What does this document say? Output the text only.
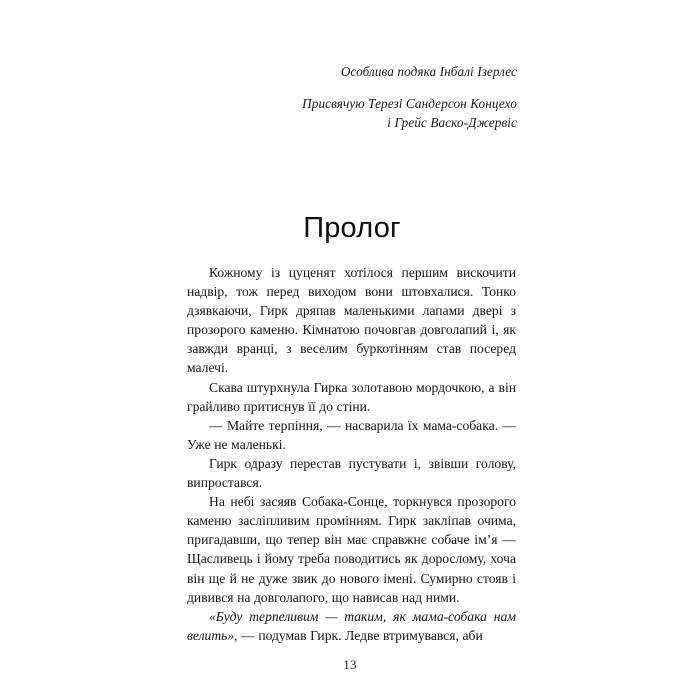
Особлива подяка Інбалі Ізерлес
Присвячую Терезі Сандерсон Концехо
і Грейс Васко-Джервіс
Пролог

Кожному із цуценят хотілося першим вискочити надвір, тож перед виходом вони штовхалися. Тонко дзявкаючи, Гирк дряпав маленькими лапами двері з прозорого каменю. Кімнатою почовгав довголапий і, як завжди вранці, з веселим буркотінням став посеред малечі.

Скава штурхнула Гирка золотавою мордочкою, а він грайливо притиснув її до стіни.

— Майте терпіння, — насварила їх мама-собака. — Уже не маленькі.

Гирк одразу перестав пустувати і, звівши голову, випростався.

На небі засяяв Собака-Сонце, торкнувся прозорого каменю засліпливим промінням. Гирк закліпав очима, пригадавши, що тепер він має справжнє собаче ім’я — Щасливець і йому треба поводитись як дорослому, хоча він ще й не дуже звик до нового імені. Сумирно стояв і дивився на довголапого, що нависав над ними.

«Буду терпеливим — таким, як мама-собака нам велить», — подумав Гирк. Ледве втримувався, аби

13
